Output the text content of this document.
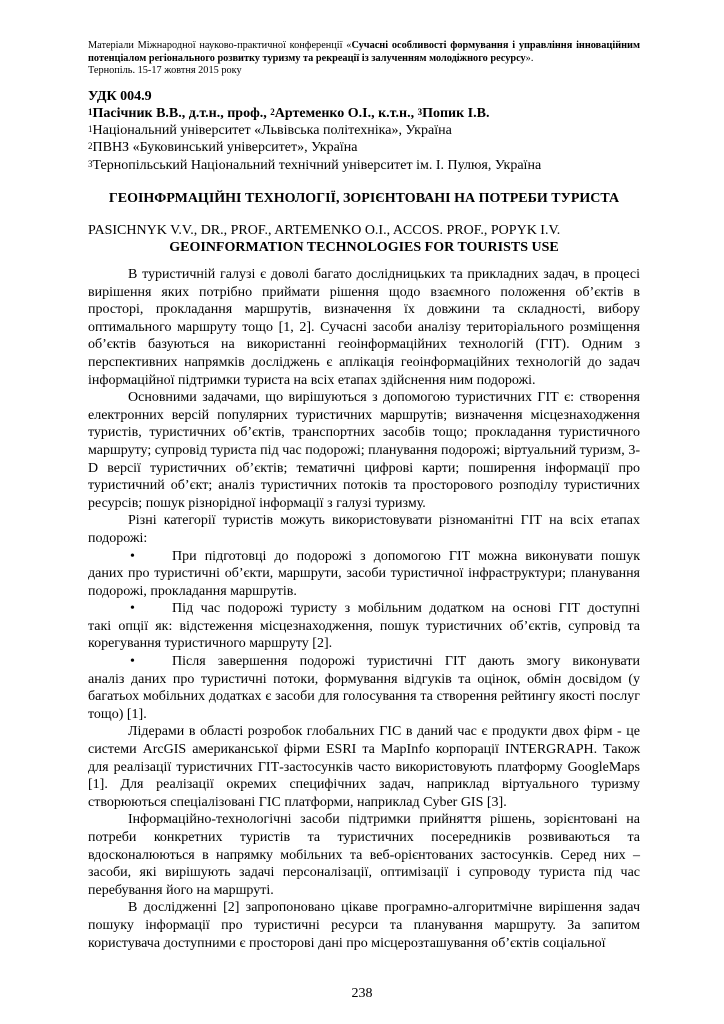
Матеріали Міжнародної науково-практичної конференції «Сучасні особливості формування і управління інноваційним потенціалом регіонального розвитку туризму та рекреації із залученням молодіжного ресурсу».
Тернопіль. 15-17 жовтня 2015 року
УДК 004.9
$^1$Пасічник В.В., д.т.н., проф., $^2$Артеменко О.І., к.т.н., $^3$Попик І.В.
$^1$Національний університет «Львівська політехніка», Україна
$^2$ПВНЗ «Буковинський університет», Україна
$^3$Тернопільський Національний технічний університет ім. І. Пулюя, Україна
ГЕОІНФРМАЦІЙНІ ТЕХНОЛОГІЇ, ЗОРІЄНТОВАНІ НА ПОТРЕБИ ТУРИСТА
PASICHNYK V.V., DR., PROF., ARTEMENKO O.I., ACCOS. PROF., POPYK I.V.
GEOINFORMATION TECHNOLOGIES FOR TOURISTS USE

В туристичній галузі є доволі багато дослідницьких та прикладних задач, в процесі вирішення яких потрібно приймати рішення щодо взаємного положення об’єктів в просторі, прокладання маршрутів, визначення їх довжини та складності, вибору оптимального маршруту тощо [1, 2]. Сучасні засоби аналізу територіального розміщення об’єктів базуються на використанні геоінформаційних технологій (ГІТ). Одним з перспективних напрямків досліджень є аплікація геоінформаційних технологій до задач інформаційної підтримки туриста на всіх етапах здійснення ним подорожі.

Основними задачами, що вирішуються з допомогою туристичних ГІТ є: створення електронних версій популярних туристичних маршрутів; визначення місцезнаходження туристів, туристичних об’єктів, транспортних засобів тощо; прокладання туристичного маршруту; супровід туриста під час подорожі; планування подорожі; віртуальний туризм, 3-D версії туристичних об’єктів; тематичні цифрові карти; поширення інформації про туристичний об’єкт; аналіз туристичних потоків та просторового розподілу туристичних ресурсів; пошук різнорідної інформації з галузі туризму.

Різні категорії туристів можуть використовувати різноманітні ГІТ на всіх етапах подорожі:

•	При підготовці до подорожі з допомогою ГІТ можна виконувати пошук

даних про туристичні об’єкти, маршрути, засоби туристичної інфраструктури; планування подорожі, прокладання маршрутів.

•	Під час подорожі туристу з мобільним додатком на основі ГІТ доступні

такі опції як: відстеження місцезнаходження, пошук туристичних об’єктів, супровід та корегування туристичного маршруту [2].

•	Після завершення подорожі туристичні ГІТ дають змогу виконувати

аналіз даних про туристичні потоки, формування відгуків та оцінок, обмін досвідом (у багатьох мобільних додатках є засоби для голосування та створення рейтингу якості послуг тощо) [1].

Лідерами в області розробок глобальних ГІС в даний час є продукти двох фірм - це системи ArcGIS американської фірми ESRI та MapInfo корпорації INTERGRAPH. Також для реалізації туристичних ГІТ-застосунків часто використовують платформу GoogleMaps [1]. Для реалізації окремих специфічних задач, наприклад віртуального туризму створюються спеціалізовані ГІС платформи, наприклад Cyber GIS [3].

Інформаційно-технологічні засоби підтримки прийняття рішень, зорієнтовані на потреби конкретних туристів та туристичних посередників розвиваються та вдосконалюються в напрямку мобільних та веб-орієнтованих застосунків. Серед них – засоби, які вирішують задачі персоналізації, оптимізації і супроводу туриста під час перебування його на маршруті.

В дослідженні [2] запропоновано цікаве програмно-алгоритмічне вирішення задач пошуку інформації про туристичні ресурси та планування маршруту. За запитом користувача доступними є просторові дані про місцерозташування об’єктів соціальної

238
